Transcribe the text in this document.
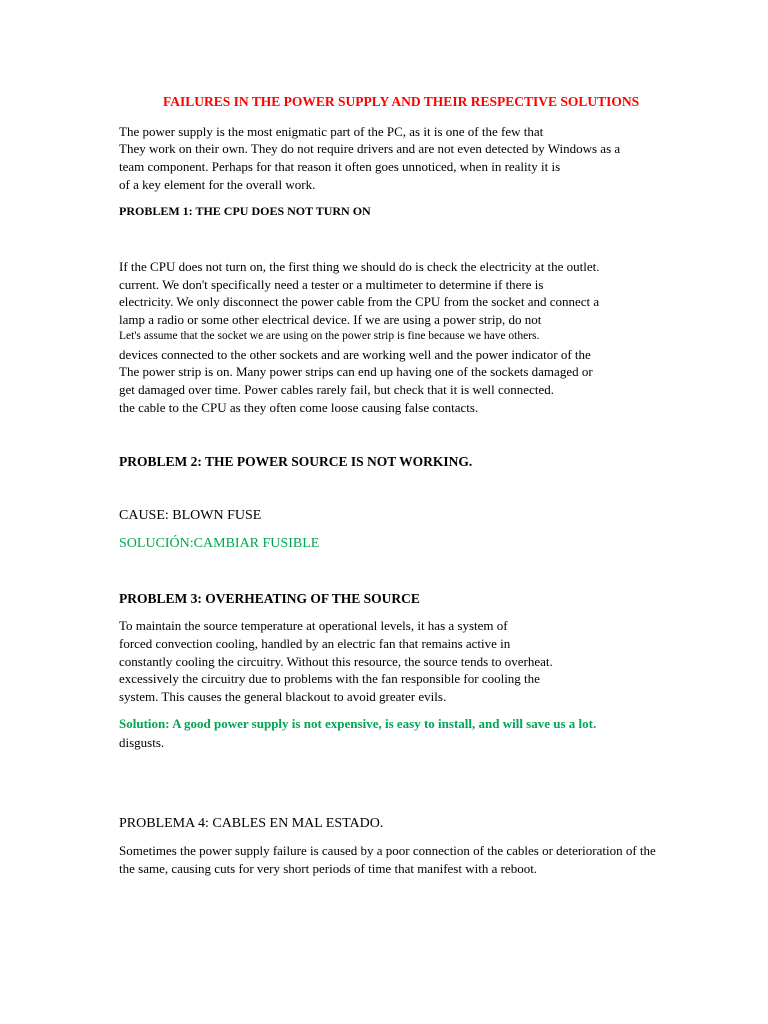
FAILURES IN THE POWER SUPPLY AND THEIR RESPECTIVE SOLUTIONS
The power supply is the most enigmatic part of the PC, as it is one of the few that
They work on their own. They do not require drivers and are not even detected by Windows as a
team component. Perhaps for that reason it often goes unnoticed, when in reality it is
of a key element for the overall work.
PROBLEM 1: THE CPU DOES NOT TURN ON
If the CPU does not turn on, the first thing we should do is check the electricity at the outlet.
current. We don't specifically need a tester or a multimeter to determine if there is
electricity. We only disconnect the power cable from the CPU from the socket and connect a
lamp a radio or some other electrical device. If we are using a power strip, do not
Let's assume that the socket we are using on the power strip is fine because we have others.
devices connected to the other sockets and are working well and the power indicator of the
The power strip is on. Many power strips can end up having one of the sockets damaged or
get damaged over time. Power cables rarely fail, but check that it is well connected.
the cable to the CPU as they often come loose causing false contacts.
PROBLEM 2: THE POWER SOURCE IS NOT WORKING.
CAUSE: BLOWN FUSE
SOLUCIÓN:CAMBIAR FUSIBLE
PROBLEM 3: OVERHEATING OF THE SOURCE
To maintain the source temperature at operational levels, it has a system of
forced convection cooling, handled by an electric fan that remains active in
constantly cooling the circuitry. Without this resource, the source tends to overheat.
excessively the circuitry due to problems with the fan responsible for cooling the
system. This causes the general blackout to avoid greater evils.
Solution: A good power supply is not expensive, is easy to install, and will save us a lot.
disgusts.
PROBLEMA 4: CABLES EN MAL ESTADO.
Sometimes the power supply failure is caused by a poor connection of the cables or deterioration of the
the same, causing cuts for very short periods of time that manifest with a reboot.
